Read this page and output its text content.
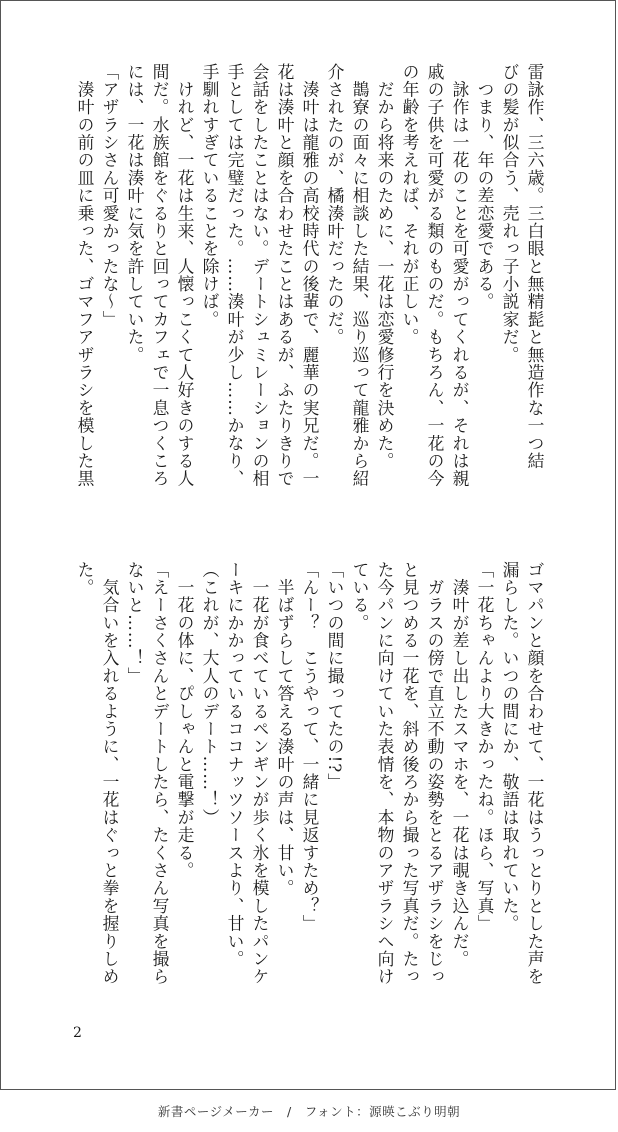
雷詠作、三六歳。三白眼と無精髭と無造作な一つ結
びの髪が似合う、売れっ子小説家だ。
　つまり、年の差恋愛である。
　詠作は一花のことを可愛がってくれるが、それは親
戚の子供を可愛がる類のものだ。もちろん、一花の今
の年齢を考えれば、それが正しい。
　だから将来のために、一花は恋愛修行を決めた。
　鵲寮の面々に相談した結果、巡り巡って龍雅から紹
介されたのが、橘湊叶だったのだ。
　湊叶は龍雅の高校時代の後輩で、麗華の実兄だ。一
花は湊叶と顔を合わせたことはあるが、ふたりきりで
会話をしたことはない。デートシュミレーションの相
手としては完璧だった。……湊叶が少し……かなり、
手馴れすぎていることを除けば。
　けれど、一花は生来、人懐っこくて人好きのする人
間だ。水族館をぐるりと回ってカフェで一息つくころ
には、一花は湊叶に気を許していた。
「アザラシさん可愛かったな〜」
　湊叶の前の皿に乗った、ゴマフアザラシを模した黒
ゴマパンと顔を合わせて、一花はうっとりとした声を
漏らした。いつの間にか、敬語は取れていた。
「一花ちゃんより大きかったね。ほら、写真」
　湊叶が差し出したスマホを、一花は覗き込んだ。
　ガラスの傍で直立不動の姿勢をとるアザラシをじっ
と見つめる一花を、斜め後ろから撮った写真だ。たっ
た今パンに向けていた表情を、本物のアザラシへ向け
ている。
「いつの間に撮ってたの!?」
「んー？　こうやって、一緒に見返すため？」
　半ばずらして答える湊叶の声は、甘い。
　一花が食べているペンギンが歩く氷を模したパンケ
ーキにかかっているココナッツソースより、甘い。
（これが、大人のデート……！）
　一花の体に、ぴしゃんと電撃が走る。
「えーさくさんとデートしたら、たくさん写真を撮ら
ないと……！」
　気合いを入れるように、一花はぐっと拳を握りしめ
た。
2
新書ページメーカー　/　フォント：源暎こぶり明朝
